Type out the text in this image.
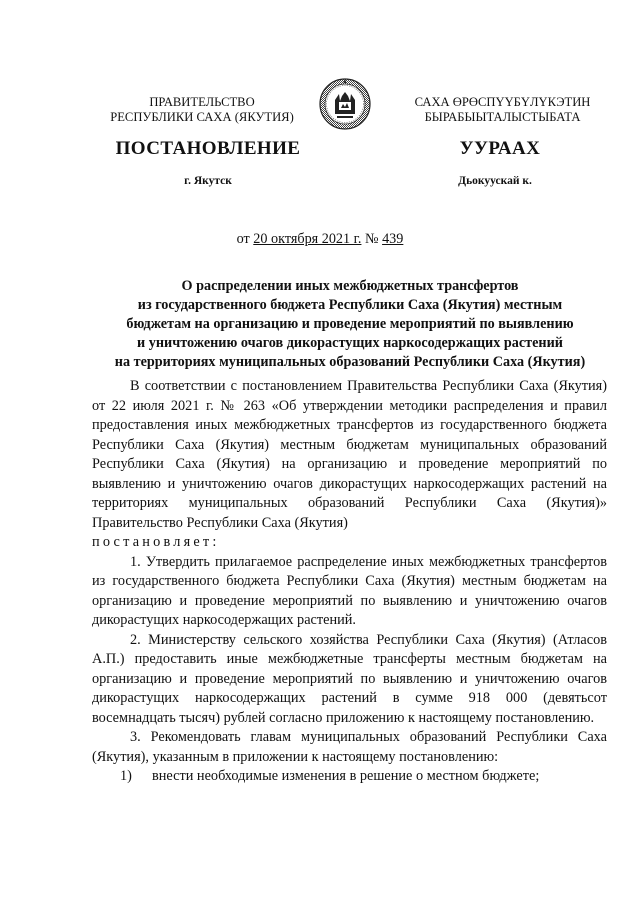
ПРАВИТЕЛЬСТВО
РЕСПУБЛИКИ САХА (ЯКУТИЯ)
САХА ӨРӨСПҮҮБҮЛҮКЭТИН
БЫРАБЫЫТАЛЫСТЫБАТА
ПОСТАНОВЛЕНИЕ	УУРААХ
г. Якутск	Дьокуускай к.
от 20 октября 2021 г. № 439
О распределении иных межбюджетных трансфертов
из государственного бюджета Республики Саха (Якутия) местным
бюджетам на организацию и проведение мероприятий по выявлению
и уничтожению очагов дикорастущих наркосодержащих растений
на территориях муниципальных образований Республики Саха (Якутия)

В соответствии с постановлением Правительства Республики Саха (Якутия) от 22 июля 2021 г. № 263 «Об утверждении методики распределения и правил предоставления иных межбюджетных трансфертов из государственного бюджета Республики Саха (Якутия) местным бюджетам муниципальных образований Республики Саха (Якутия) на организацию и проведение мероприятий по выявлению и уничтожению очагов дикорастущих наркосодержащих растений на территориях муниципальных образований Республики Саха (Якутия)» Правительство Республики Саха (Якутия)

постановляет:

1. Утвердить прилагаемое распределение иных межбюджетных трансфертов из государственного бюджета Республики Саха (Якутия) местным бюджетам на организацию и проведение мероприятий по выявлению и уничтожению очагов дикорастущих наркосодержащих растений.

2. Министерству сельского хозяйства Республики Саха (Якутия) (Атласов А.П.) предоставить иные межбюджетные трансферты местным бюджетам на организацию и проведение мероприятий по выявлению и уничтожению очагов дикорастущих наркосодержащих растений в сумме 918 000 (девятьсот восемнадцать тысяч) рублей согласно приложению к настоящему постановлению.

3. Рекомендовать главам муниципальных образований Республики Саха (Якутия), указанным в приложении к настоящему постановлению:

1)	внести необходимые изменения в решение о местном бюджете;
